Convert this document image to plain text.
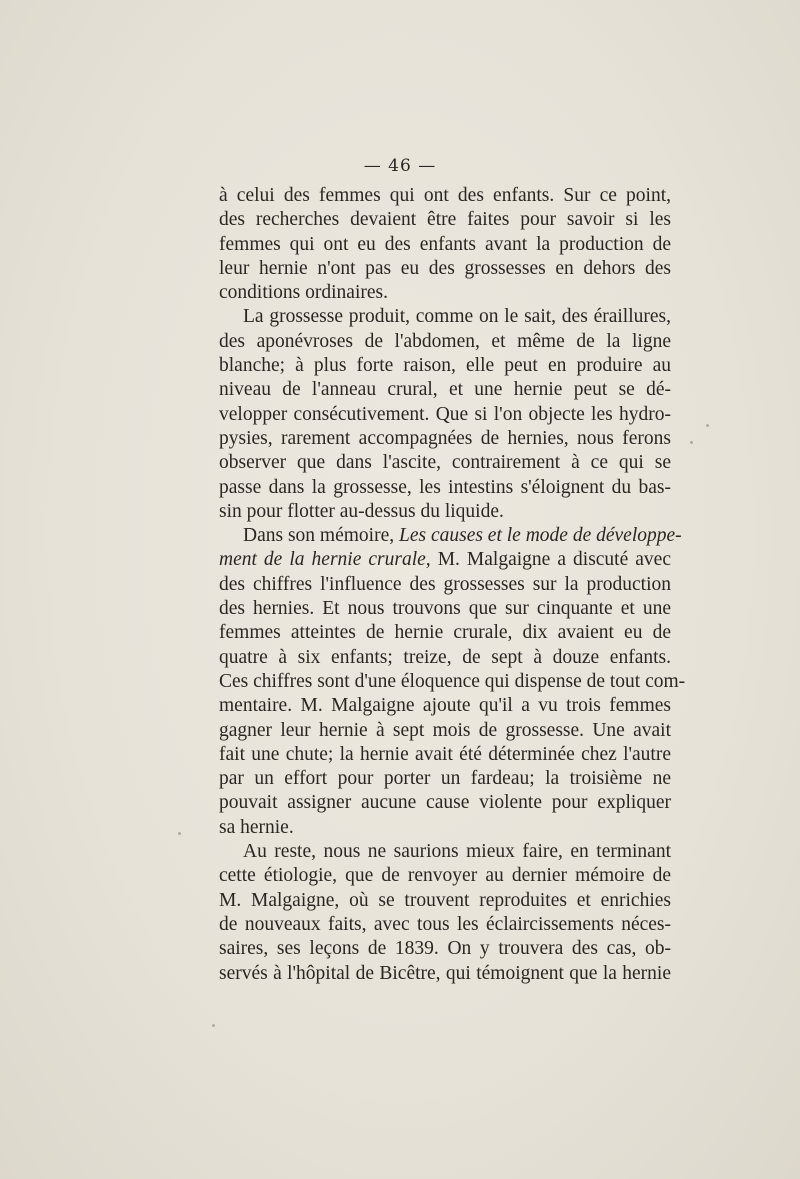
— 46 —
à celui des femmes qui ont des enfants. Sur ce point,
des recherches devaient être faites pour savoir si les
femmes qui ont eu des enfants avant la production de
leur hernie n'ont pas eu des grossesses en dehors des
conditions ordinaires.
La grossesse produit, comme on le sait, des éraillures,
des aponévroses de l'abdomen, et même de la ligne
blanche; à plus forte raison, elle peut en produire au
niveau de l'anneau crural, et une hernie peut se dé-
velopper consécutivement. Que si l'on objecte les hydro-
pysies, rarement accompagnées de hernies, nous ferons
observer que dans l'ascite, contrairement à ce qui se
passe dans la grossesse, les intestins s'éloignent du bas-
sin pour flotter au-dessus du liquide.
Dans son mémoire, Les causes et le mode de développe-
ment de la hernie crurale, M. Malgaigne a discuté avec
des chiffres l'influence des grossesses sur la production
des hernies. Et nous trouvons que sur cinquante et une
femmes atteintes de hernie crurale, dix avaient eu de
quatre à six enfants; treize, de sept à douze enfants.
Ces chiffres sont d'une éloquence qui dispense de tout com-
mentaire. M. Malgaigne ajoute qu'il a vu trois femmes
gagner leur hernie à sept mois de grossesse. Une avait
fait une chute; la hernie avait été déterminée chez l'autre
par un effort pour porter un fardeau; la troisième ne
pouvait assigner aucune cause violente pour expliquer
sa hernie.
Au reste, nous ne saurions mieux faire, en terminant
cette étiologie, que de renvoyer au dernier mémoire de
M. Malgaigne, où se trouvent reproduites et enrichies
de nouveaux faits, avec tous les éclaircissements néces-
saires, ses leçons de 1839. On y trouvera des cas, ob-
servés à l'hôpital de Bicêtre, qui témoignent que la hernie
